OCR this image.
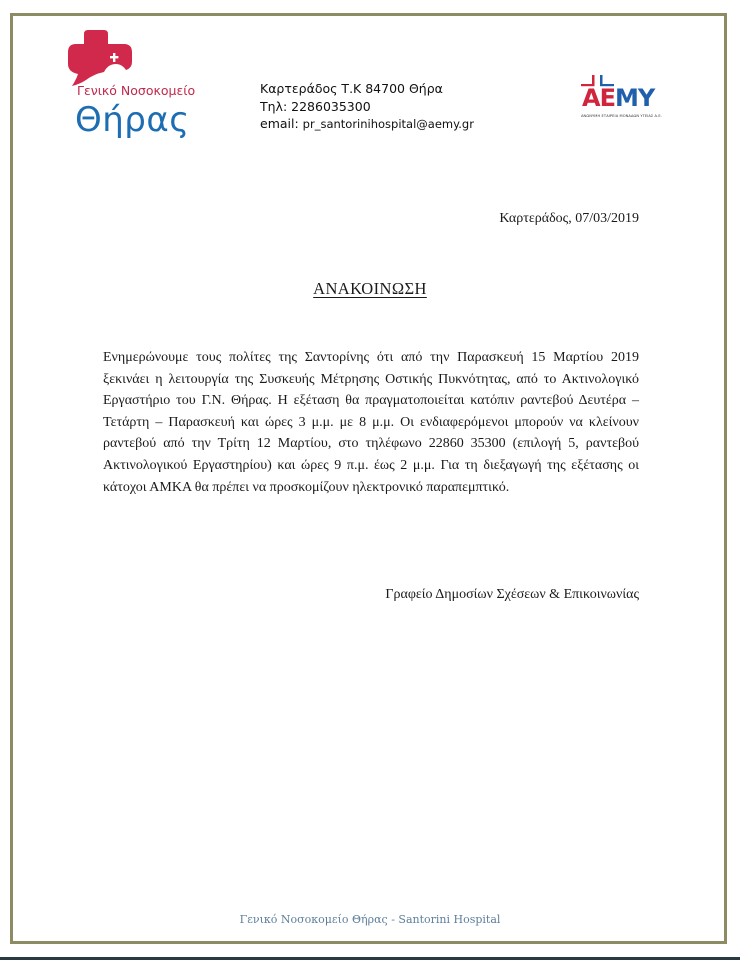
Γενικό Νοσοκομείο
Θήρας
Καρτεράδος Τ.Κ 84700 Θήρα
Τηλ: 2286035300
email: pr_santorinihospital@aemy.gr
AEMY
ΑΝΩΝΥΜΗ ΕΤΑΙΡΕΙΑ ΜΟΝΑΔΩΝ ΥΓΕΙΑΣ Α.Ε.
Καρτεράδος, 07/03/2019
ΑΝΑΚΟΙΝΩΣΗ

Ενημερώνουμε τους πολίτες της Σαντορίνης ότι από την Παρασκευή 15 Μαρτίου 2019 ξεκινάει η λειτουργία της Συσκευής Μέτρησης Οστικής Πυκνότητας, από το Ακτινολογικό Εργαστήριο του Γ.Ν. Θήρας. Η εξέταση θα πραγματοποιείται κατόπιν ραντεβού Δευτέρα – Τετάρτη – Παρασκευή και ώρες 3 μ.μ. με 8 μ.μ. Οι ενδιαφερόμενοι μπορούν να κλείνουν ραντεβού από την Τρίτη 12 Μαρτίου, στο τηλέφωνο 22860 35300 (επιλογή 5, ραντεβού Ακτινολογικού Εργαστηρίου) και ώρες 9 π.μ. έως 2 μ.μ. Για τη διεξαγωγή της εξέτασης οι κάτοχοι ΑΜΚΑ θα πρέπει να προσκομίζουν ηλεκτρονικό παραπεμπτικό.

Γραφείο Δημοσίων Σχέσεων & Επικοινωνίας
Γενικό Νοσοκομείο Θήρας - Santorini Hospital
